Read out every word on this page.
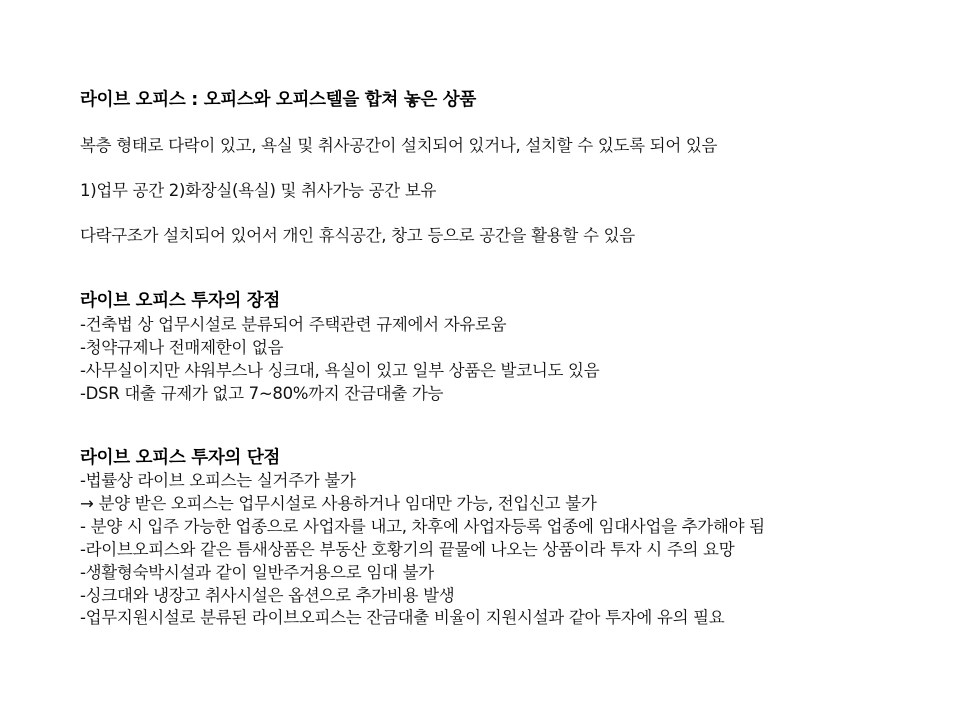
라이브 오피스 : 오피스와 오피스텔을 합쳐 놓은 상품
복층 형태로 다락이 있고, 욕실 및 취사공간이 설치되어 있거나, 설치할 수 있도록 되어 있음
1)업무 공간 2)화장실(욕실) 및 취사가능 공간 보유
다락구조가 설치되어 있어서 개인 휴식공간, 창고 등으로 공간을 활용할 수 있음
라이브 오피스 투자의 장점
-건축법 상 업무시설로 분류되어 주택관련 규제에서 자유로움
-청약규제나 전매제한이 없음
-사무실이지만 샤워부스나 싱크대, 욕실이 있고 일부 상품은 발코니도 있음
-DSR 대출 규제가 없고 7~80%까지 잔금대출 가능
라이브 오피스 투자의 단점
-법률상 라이브 오피스는 실거주가 불가
→ 분양 받은 오피스는 업무시설로 사용하거나 임대만 가능, 전입신고 불가
- 분양 시 입주 가능한 업종으로 사업자를 내고, 차후에 사업자등록 업종에 임대사업을 추가해야 됨
-라이브오피스와 같은 틈새상품은 부동산 호황기의 끝물에 나오는 상품이라 투자 시 주의 요망
-생활형숙박시설과 같이 일반주거용으로 임대 불가
-싱크대와 냉장고 취사시설은 옵션으로 추가비용 발생
-업무지원시설로 분류된 라이브오피스는 잔금대출 비율이 지원시설과 같아 투자에 유의 필요
